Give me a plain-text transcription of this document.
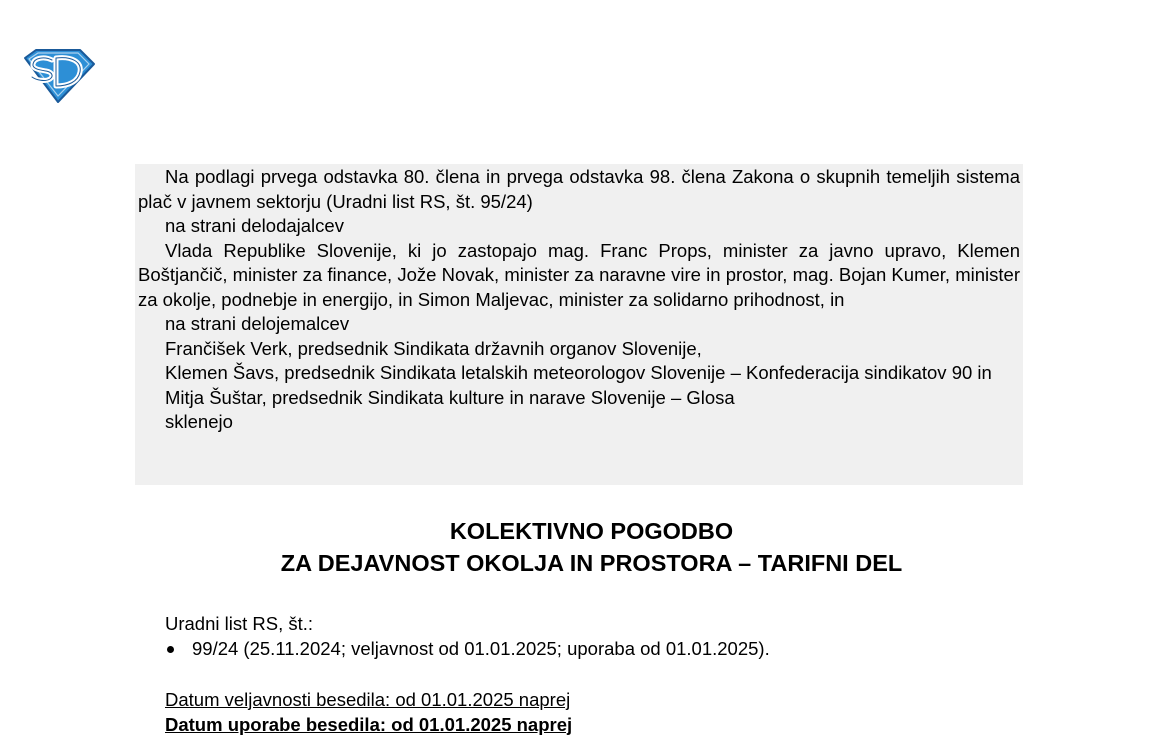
Na podlagi prvega odstavka 80. člena in prvega odstavka 98. člena Zakona o skupnih temeljih sistema plač v javnem sektorju (Uradni list RS, št. 95/24)

na strani delodajalcev

Vlada Republike Slovenije, ki jo zastopajo mag. Franc Props, minister za javno upravo, Klemen Boštjančič, minister za finance, Jože Novak, minister za naravne vire in prostor, mag. Bojan Kumer, minister za okolje, podnebje in energijo, in Simon Maljevac, minister za solidarno prihodnost, in

na strani delojemalcev

Frančišek Verk, predsednik Sindikata državnih organov Slovenije,

Klemen Šavs, predsednik Sindikata letalskih meteorologov Slovenije – Konfederacija sindikatov 90 in

Mitja Šuštar, predsednik Sindikata kulture in narave Slovenije – Glosa

sklenejo

KOLEKTIVNO POGODBO
ZA DEJAVNOST OKOLJA IN PROSTORA – TARIFNI DEL
Uradni list RS, št.:
99/24 (25.11.2024; veljavnost od 01.01.2025; uporaba od 01.01.2025).
Datum veljavnosti besedila: od 01.01.2025 naprej
Datum uporabe besedila: od 01.01.2025 naprej
